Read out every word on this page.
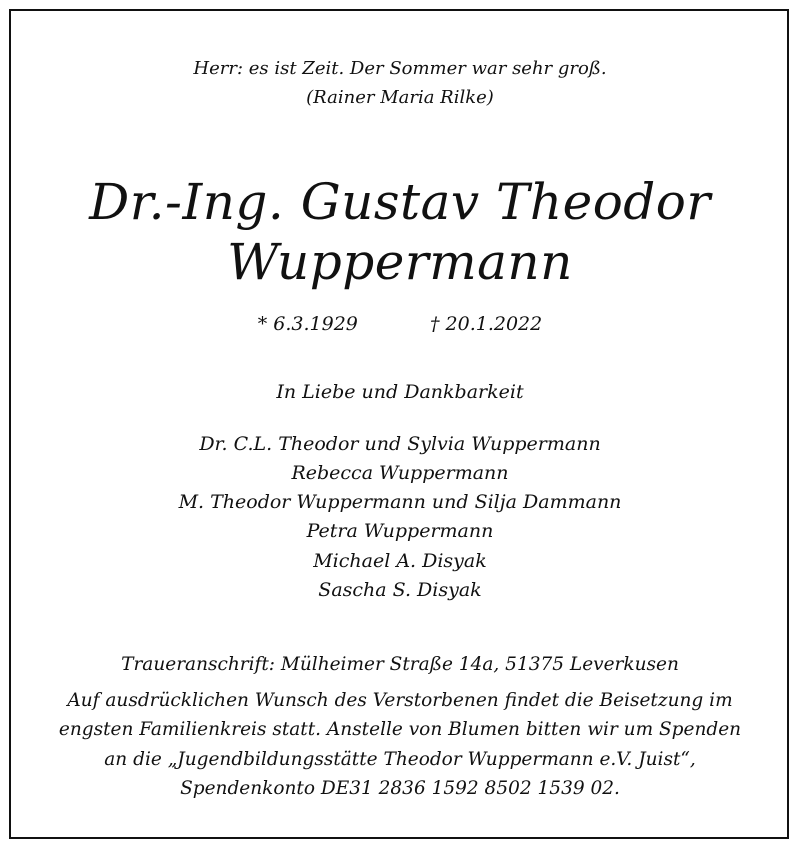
Herr: es ist Zeit. Der Sommer war sehr groß.
(Rainer Maria Rilke)
Dr.-Ing. Gustav Theodor
Wuppermann
* 6.3.1929	† 20.1.2022
In Liebe und Dankbarkeit
Dr. C.L. Theodor und Sylvia Wuppermann
Rebecca Wuppermann
M. Theodor Wuppermann und Silja Dammann
Petra Wuppermann
Michael A. Disyak
Sascha S. Disyak
Traueranschrift: Mülheimer Straße 14a, 51375 Leverkusen
Auf ausdrücklichen Wunsch des Verstorbenen findet die Beisetzung im
engsten Familienkreis statt. Anstelle von Blumen bitten wir um Spenden
an die „Jugendbildungsstätte Theodor Wuppermann e.V. Juist“,
Spendenkonto DE31 2836 1592 8502 1539 02.
